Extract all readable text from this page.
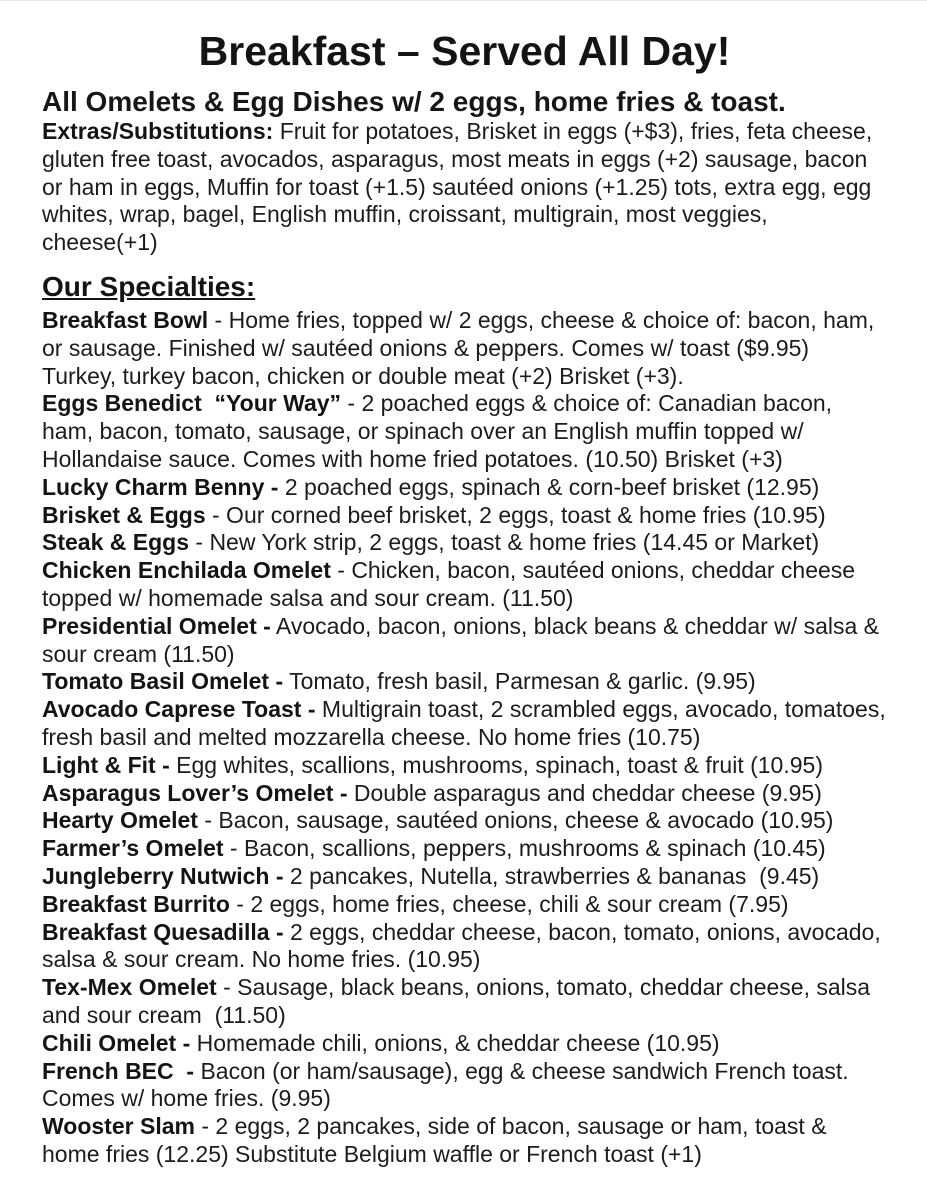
Breakfast – Served All Day!
All Omelets & Egg Dishes w/ 2 eggs, home fries & toast.

Extras/Substitutions: Fruit for potatoes, Brisket in eggs (+$3), fries, feta cheese, gluten free toast, avocados, asparagus, most meats in eggs (+2) sausage, bacon or ham in eggs, Muffin for toast (+1.5) sautéed onions (+1.25) tots, extra egg, egg whites, wrap, bagel, English muffin, croissant, multigrain, most veggies, cheese(+1)

Our Specialties:

Breakfast Bowl - Home fries, topped w/ 2 eggs, cheese & choice of: bacon, ham, or sausage. Finished w/ sautéed onions & peppers. Comes w/ toast ($9.95) Turkey, turkey bacon, chicken or double meat (+2) Brisket (+3).

Eggs Benedict  “Your Way” - 2 poached eggs & choice of: Canadian bacon, ham, bacon, tomato, sausage, or spinach over an English muffin topped w/ Hollandaise sauce. Comes with home fried potatoes. (10.50) Brisket (+3)

Lucky Charm Benny - 2 poached eggs, spinach & corn-beef brisket (12.95)

Brisket & Eggs - Our corned beef brisket, 2 eggs, toast & home fries (10.95)

Steak & Eggs - New York strip, 2 eggs, toast & home fries (14.45 or Market)

Chicken Enchilada Omelet - Chicken, bacon, sautéed onions, cheddar cheese topped w/ homemade salsa and sour cream. (11.50)

Presidential Omelet - Avocado, bacon, onions, black beans & cheddar w/ salsa & sour cream (11.50)

Tomato Basil Omelet - Tomato, fresh basil, Parmesan & garlic. (9.95)

Avocado Caprese Toast - Multigrain toast, 2 scrambled eggs, avocado, tomatoes, fresh basil and melted mozzarella cheese. No home fries (10.75)

Light & Fit - Egg whites, scallions, mushrooms, spinach, toast & fruit (10.95)

Asparagus Lover’s Omelet - Double asparagus and cheddar cheese (9.95)

Hearty Omelet - Bacon, sausage, sautéed onions, cheese & avocado (10.95)

Farmer’s Omelet - Bacon, scallions, peppers, mushrooms & spinach (10.45)

Jungleberry Nutwich - 2 pancakes, Nutella, strawberries & bananas  (9.45)

Breakfast Burrito - 2 eggs, home fries, cheese, chili & sour cream (7.95)

Breakfast Quesadilla - 2 eggs, cheddar cheese, bacon, tomato, onions, avocado, salsa & sour cream. No home fries. (10.95)

Tex-Mex Omelet - Sausage, black beans, onions, tomato, cheddar cheese, salsa and sour cream  (11.50)

Chili Omelet - Homemade chili, onions, & cheddar cheese (10.95)

French BEC  - Bacon (or ham/sausage), egg & cheese sandwich French toast. Comes w/ home fries. (9.95)

Wooster Slam - 2 eggs, 2 pancakes, side of bacon, sausage or ham, toast & home fries (12.25) Substitute Belgium waffle or French toast (+1)
